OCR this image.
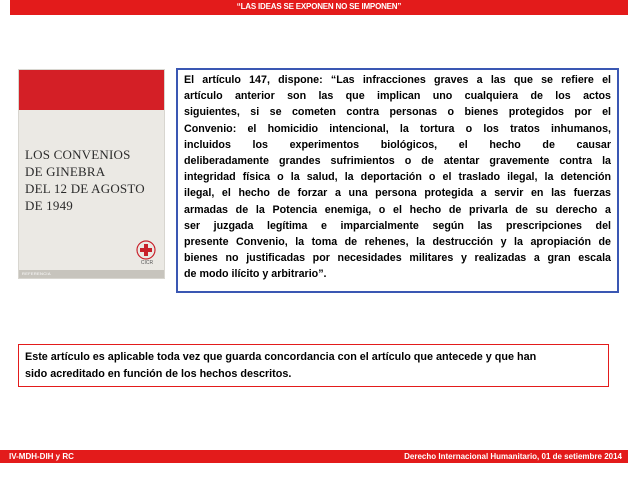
“LAS IDEAS SE EXPONEN NO SE IMPONEN”
LOS CONVENIOS
DE GINEBRA
DEL 12 DE AGOSTO
DE 1949
CICR
REFERENCIA
El artículo 147, dispone: “Las infracciones graves a las que se refiere el
artículo anterior son las que implican uno cualquiera de los actos
siguientes, si se cometen contra personas o bienes protegidos por el
Convenio: el homicidio intencional, la tortura o los tratos inhumanos,
incluidos los experimentos biológicos, el hecho de causar
deliberadamente grandes sufrimientos o de atentar gravemente contra la
integridad física o la salud, la deportación o el traslado ilegal, la detención
ilegal, el hecho de forzar a una persona protegida a servir en las fuerzas
armadas de la Potencia enemiga, o el hecho de privarla de su derecho a
ser juzgada legítima e imparcialmente según las prescripciones del
presente Convenio, la toma de rehenes, la destrucción y la apropiación de
bienes no justificadas por necesidades militares y realizadas a gran escala
de modo ilícito y arbitrario”.
Este artículo es aplicable toda vez que guarda concordancia con el artículo que antecede y que han
sido acreditado en función de los hechos descritos.
IV-MDH-DIH y RC	Derecho Internacional Humanitario, 01 de setiembre 2014
